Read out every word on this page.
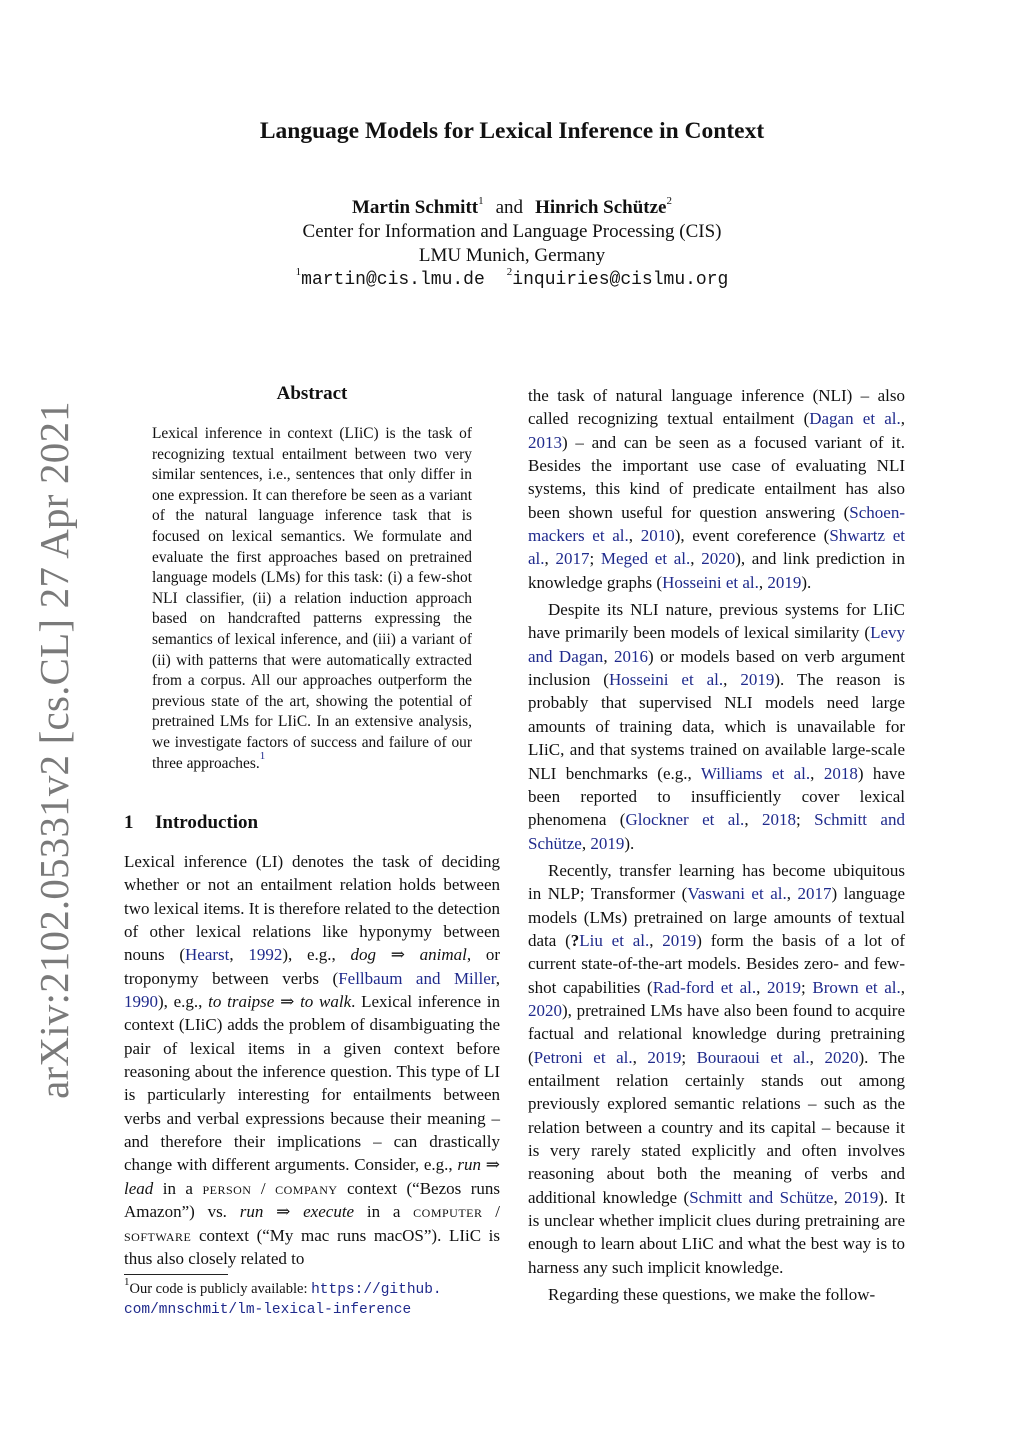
arXiv:2102.05331v2 [cs.CL] 27 Apr 2021
Language Models for Lexical Inference in Context
Martin Schmitt$^1$ and Hinrich Schütze$^2$
Center for Information and Language Processing (CIS)
LMU Munich, Germany
$^1$martin@cis.lmu.de $^2$inquiries@cislmu.org
Abstract
Lexical inference in context (LIiC) is the task of recognizing textual entailment between two very similar sentences, i.e., sentences that only differ in one expression. It can therefore be seen as a variant of the natural language inference task that is focused on lexical semantics. We formulate and evaluate the first approaches based on pretrained language models (LMs) for this task: (i) a few-shot NLI classifier, (ii) a relation induction approach based on handcrafted patterns expressing the semantics of lexical inference, and (iii) a variant of (ii) with patterns that were automatically extracted from a corpus. All our approaches outperform the previous state of the art, showing the potential of pretrained LMs for LIiC. In an extensive analysis, we investigate factors of success and failure of our three approaches.$^1$
1 Introduction

Lexical inference (LI) denotes the task of deciding whether or not an entailment relation holds between two lexical items. It is therefore related to the detection of other lexical relations like hyponymy between nouns (Hearst, 1992), e.g., dog ⇒ animal, or troponymy between verbs (Fellbaum and Miller, 1990), e.g., to traipse ⇒ to walk. Lexical inference in context (LIiC) adds the problem of disambiguating the pair of lexical items in a given context before reasoning about the inference question. This type of LI is particularly interesting for entailments between verbs and verbal expressions because their meaning – and therefore their implications – can drastically change with different arguments. Consider, e.g., run ⇒ lead in a person / company context (“Bezos runs Amazon”) vs. run ⇒ execute in a computer / software context (“My mac runs macOS”). LIiC is thus also closely related to

$^1$Our code is publicly available: https://github.
com/mnschmit/lm-lexical-inference

the task of natural language inference (NLI) – also called recognizing textual entailment (Dagan et al., 2013) – and can be seen as a focused variant of it. Besides the important use case of evaluating NLI systems, this kind of predicate entailment has also been shown useful for question answering (Schoen-mackers et al., 2010), event coreference (Shwartz et al., 2017; Meged et al., 2020), and link prediction in knowledge graphs (Hosseini et al., 2019).

Despite its NLI nature, previous systems for LIiC have primarily been models of lexical similarity (Levy and Dagan, 2016) or models based on verb argument inclusion (Hosseini et al., 2019). The reason is probably that supervised NLI models need large amounts of training data, which is unavailable for LIiC, and that systems trained on available large-scale NLI benchmarks (e.g., Williams et al., 2018) have been reported to insufficiently cover lexical phenomena (Glockner et al., 2018; Schmitt and Schütze, 2019).

Recently, transfer learning has become ubiquitous in NLP; Transformer (Vaswani et al., 2017) language models (LMs) pretrained on large amounts of textual data (?Liu et al., 2019) form the basis of a lot of current state-of-the-art models. Besides zero- and few-shot capabilities (Rad-ford et al., 2019; Brown et al., 2020), pretrained LMs have also been found to acquire factual and relational knowledge during pretraining (Petroni et al., 2019; Bouraoui et al., 2020). The entailment relation certainly stands out among previously explored semantic relations – such as the relation between a country and its capital – because it is very rarely stated explicitly and often involves reasoning about both the meaning of verbs and additional knowledge (Schmitt and Schütze, 2019). It is unclear whether implicit clues during pretraining are enough to learn about LIiC and what the best way is to harness any such implicit knowledge.

Regarding these questions, we make the follow-
